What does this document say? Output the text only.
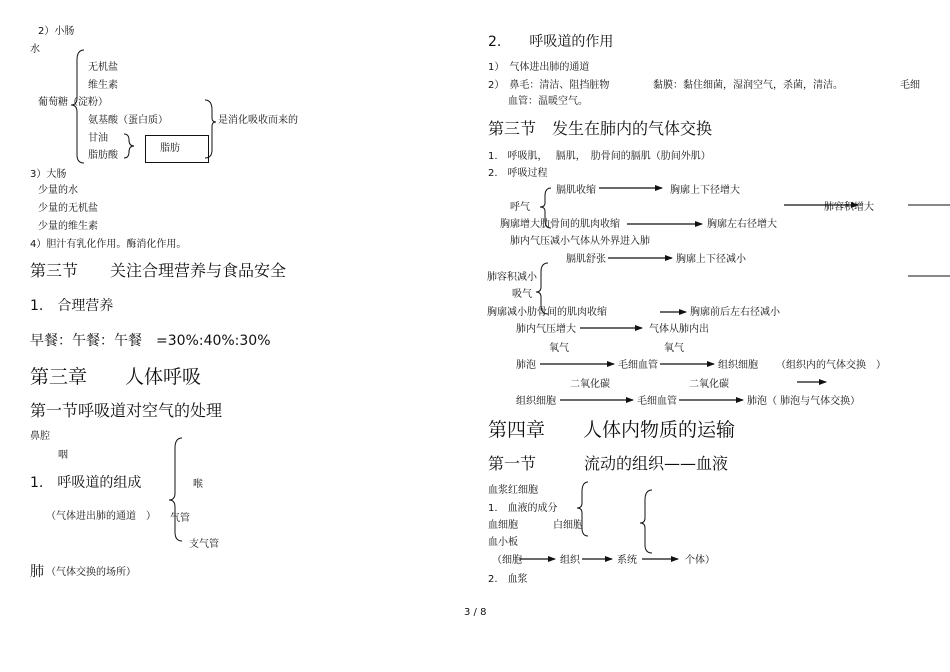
2）小肠
水
无机盐
维生素
葡萄糖（淀粉）
氨基酸（蛋白质）
甘油
脂肪酸
脂肪
是消化吸收而来的
3）大肠
少量的水
少量的无机盐
少量的维生素
4）胆汁有乳化作用。酶消化作用。
第三节　　关注合理营养与食品安全
1.　合理营养
早餐：午餐：午餐　=30%:40%:30%
第三章　　人体呼吸
第一节呼吸道对空气的处理
鼻腔
咽
1.　呼吸道的组成	喉
（气体进出肺的通道　） 气管
支气管
肺 （气体交换的场所）
2.　　呼吸道的作用
1）　气体进出肺的通道
2）　鼻毛：清洁、阻挡脏物	黏膜：黏住细菌，湿润空气，杀菌，清洁。	毛细
血管：温暖空气。
第三节　发生在肺内的气体交换
1.　呼吸肌，　 膈肌，　肋骨间的膈肌（肋间外肌）
2.　呼吸过程
膈肌收缩	胸廓上下径增大
呼气	肺容积增大
胸廓增大肋骨间的肌肉收缩	胸廓左右径增大
肺内气压减小气体从外界进入肺
膈肌舒张	胸廓上下径减小
肺容积减小
吸气
胸廓减小肋骨间的肌肉收缩	胸廓前后左右径减小
肺内气压增大	气体从肺内出
氧气	氧气
肺泡	毛细血管	组织细胞 （组织内的气体交换　）
二氧化碳	二氧化碳
组织细胞	毛细血管	肺泡（ 肺泡与气体交换）
第四章　　人体内物质的运输
第一节　　　流动的组织——血液
血浆红细胞
1.　血液的成分
血细胞	白细胞
血小板
（细胞	组织	系统	个体）
2.　血浆
3 / 8
